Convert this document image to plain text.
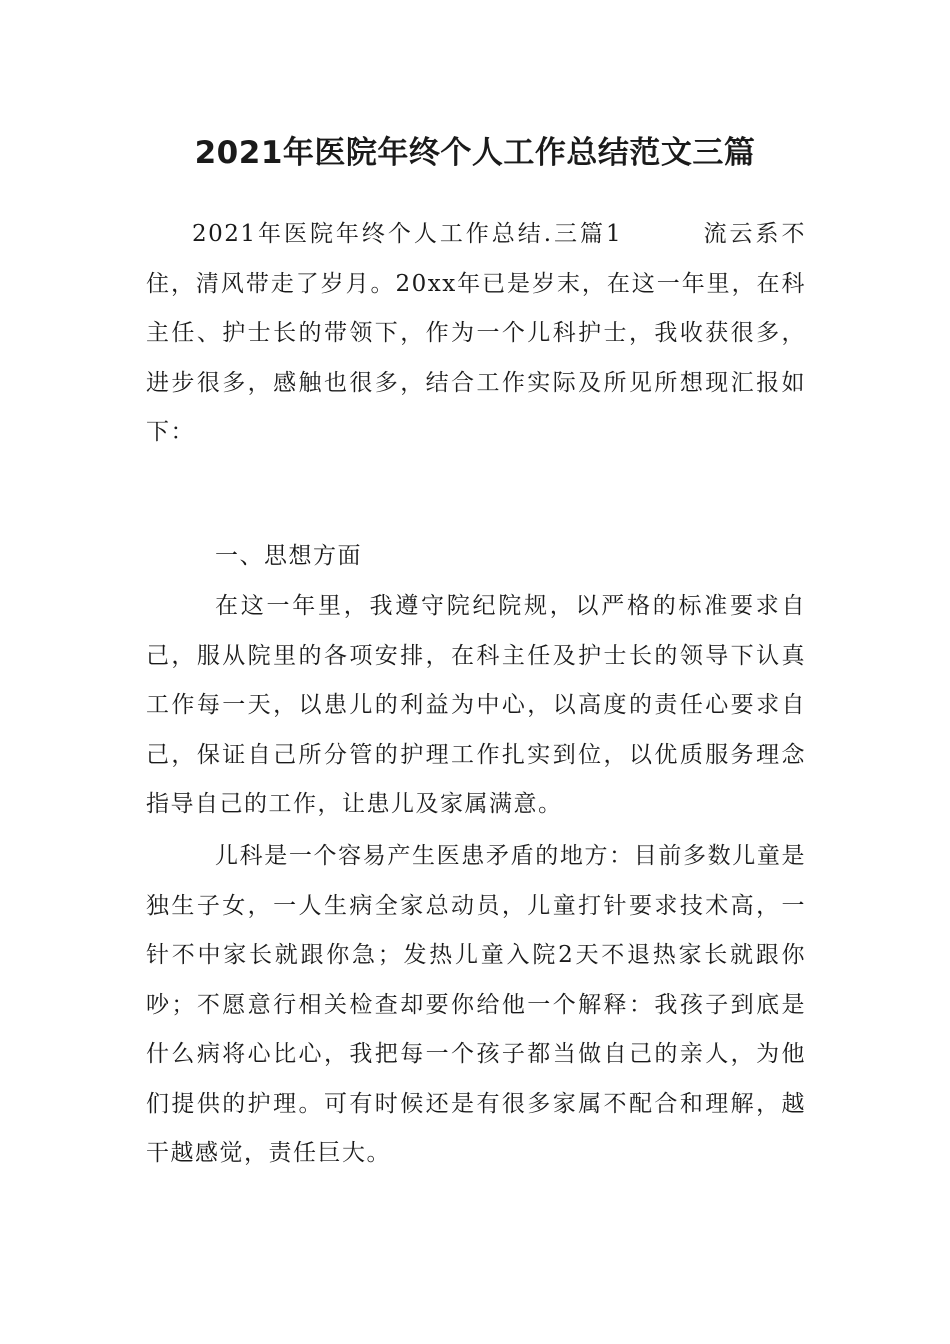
2021年医院年终个人工作总结范文三篇

2021年医院年终个人工作总结.三篇1	流云系不住，清风带走了岁月。20xx年已是岁末，在这一年里，在科主任、护士长的带领下，作为一个儿科护士，我收获很多，进步很多，感触也很多，结合工作实际及所见所想现汇报如下：

一、思想方面

在这一年里，我遵守院纪院规，以严格的标准要求自己，服从院里的各项安排，在科主任及护士长的领导下认真工作每一天，以患儿的利益为中心，以高度的责任心要求自己，保证自己所分管的护理工作扎实到位，以优质服务理念指导自己的工作，让患儿及家属满意。

儿科是一个容易产生医患矛盾的地方：目前多数儿童是独生子女，一人生病全家总动员，儿童打针要求技术高，一针不中家长就跟你急；发热儿童入院2天不退热家长就跟你吵；不愿意行相关检查却要你给他一个解释：我孩子到底是什么病将心比心，我把每一个孩子都当做自己的亲人，为他们提供的护理。可有时候还是有很多家属不配合和理解，越干越感觉，责任巨大。
